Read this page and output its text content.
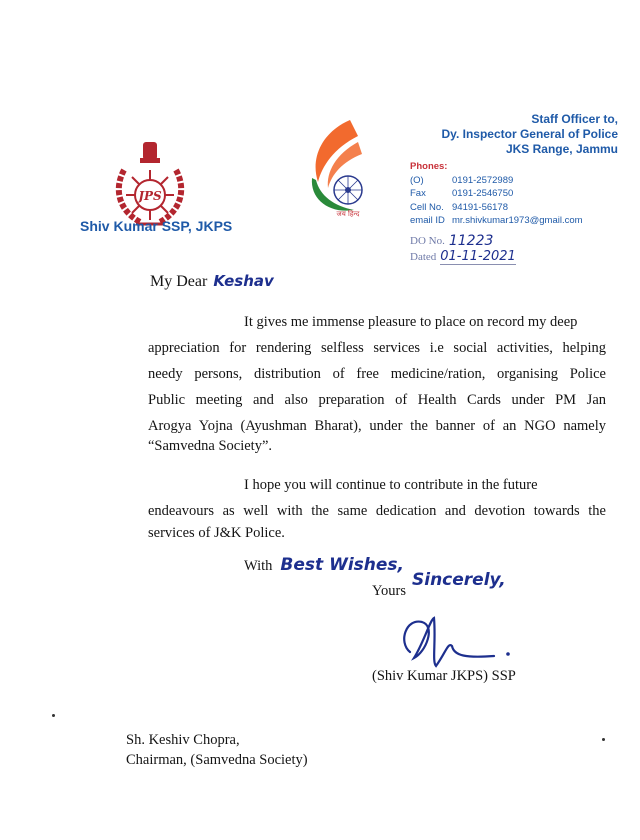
JPS
Shiv Kumar SSP, JKPS
जय हिन्द
Staff Officer to,
Dy. Inspector General of Police
JKS Range, Jammu
Phones:
(O)	0191-2572989
Fax	0191-2546750
Cell No. 94191-56178
email ID mr.shivkumar1973@gmail.com
DO No. 11223
Dated 01-11-2021
My Dear Keshav
It gives me immense pleasure to place on record my deep
appreciation for rendering selfless services i.e social activities, helping
needy persons, distribution of free medicine/ration, organising Police
Public meeting and also preparation of Health Cards under PM Jan
Arogya Yojna (Ayushman Bharat), under the banner of an NGO namely
“Samvedna Society”.
I hope you will continue to contribute in the future
endeavours as well with the same dedication and devotion towards the
services of J&K Police.
With Best Wishes,
Yours
Sincerely,
(Shiv Kumar JKPS) SSP
Sh. Keshiv Chopra,
Chairman, (Samvedna Society)
